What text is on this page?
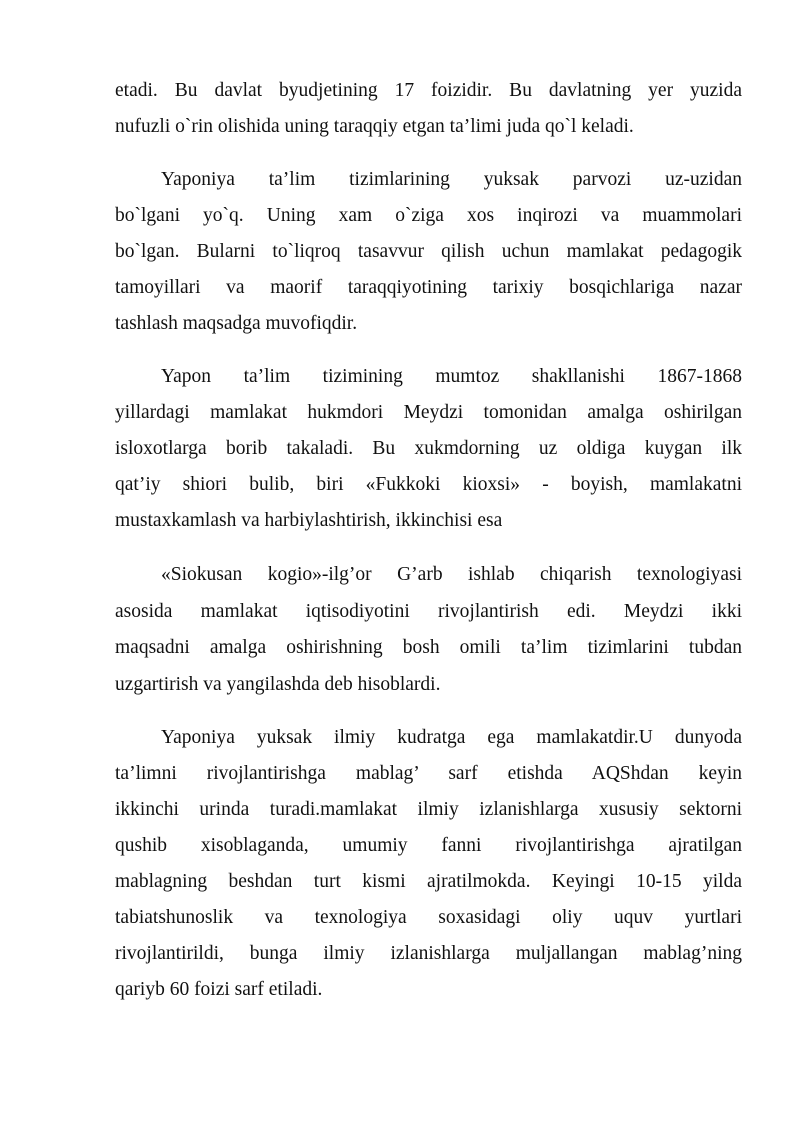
etadi. Bu davlat byudjetining 17 foizidir. Bu davlatning yer yuzida
nufuzli o`rin olishida uning taraqqiy etgan ta’limi juda qo`l keladi.
Yaponiya ta’lim tizimlarining yuksak parvozi uz-uzidan
bo`lgani yo`q. Uning xam o`ziga xos inqirozi va muammolari
bo`lgan. Bularni to`liqroq tasavvur qilish uchun mamlakat pedagogik
tamoyillari va maorif taraqqiyotining tarixiy bosqichlariga nazar
tashlash maqsadga muvofiqdir.
Yapon ta’lim tizimining mumtoz shakllanishi 1867-1868
yillardagi mamlakat hukmdori Meydzi tomonidan amalga oshirilgan
isloxotlarga borib takaladi. Bu xukmdorning uz oldiga kuygan ilk
qat’iy shiori bulib, biri «Fukkoki kioxsi» - boyish, mamlakatni
mustaxkamlash va harbiylashtirish, ikkinchisi esa
«Siokusan kogio»-ilg’or G’arb ishlab chiqarish texnologiyasi
asosida mamlakat iqtisodiyotini rivojlantirish edi. Meydzi ikki
maqsadni amalga oshirishning bosh omili ta’lim tizimlarini tubdan
uzgartirish va yangilashda deb hisoblardi.
Yaponiya yuksak ilmiy kudratga ega mamlakatdir.U dunyoda
ta’limni rivojlantirishga mablag’ sarf etishda AQShdan keyin
ikkinchi urinda turadi.mamlakat ilmiy izlanishlarga xususiy sektorni
qushib xisoblaganda, umumiy fanni rivojlantirishga ajratilgan
mablagning beshdan turt kismi ajratilmokda. Keyingi 10-15 yilda
tabiatshunoslik va texnologiya soxasidagi oliy uquv yurtlari
rivojlantirildi, bunga ilmiy izlanishlarga muljallangan mablag’ning
qariyb 60 foizi sarf etiladi.
